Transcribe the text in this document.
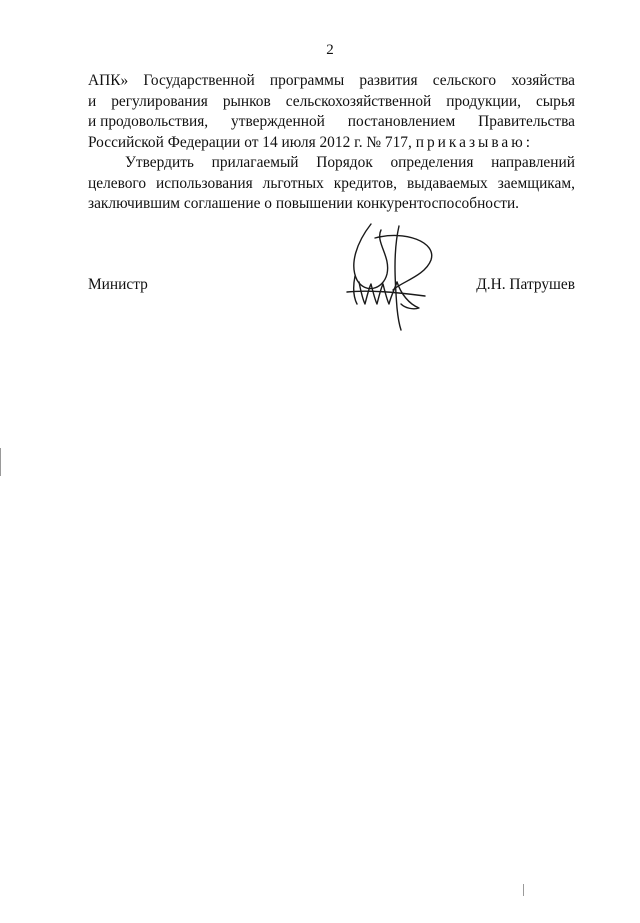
2

АПК» Государственной программы развития сельского хозяйства
и регулирования рынков сельскохозяйственной продукции, сырья
и продовольствия, утвержденной постановлением Правительства
Российской Федерации от 14 июля 2012 г. № 717, приказываю:

Утвердить прилагаемый Порядок определения направлений
целевого использования льготных кредитов, выдаваемых заемщикам,
заключившим соглашение о повышении конкурентоспособности.

Министр	Д.Н. Патрушев
